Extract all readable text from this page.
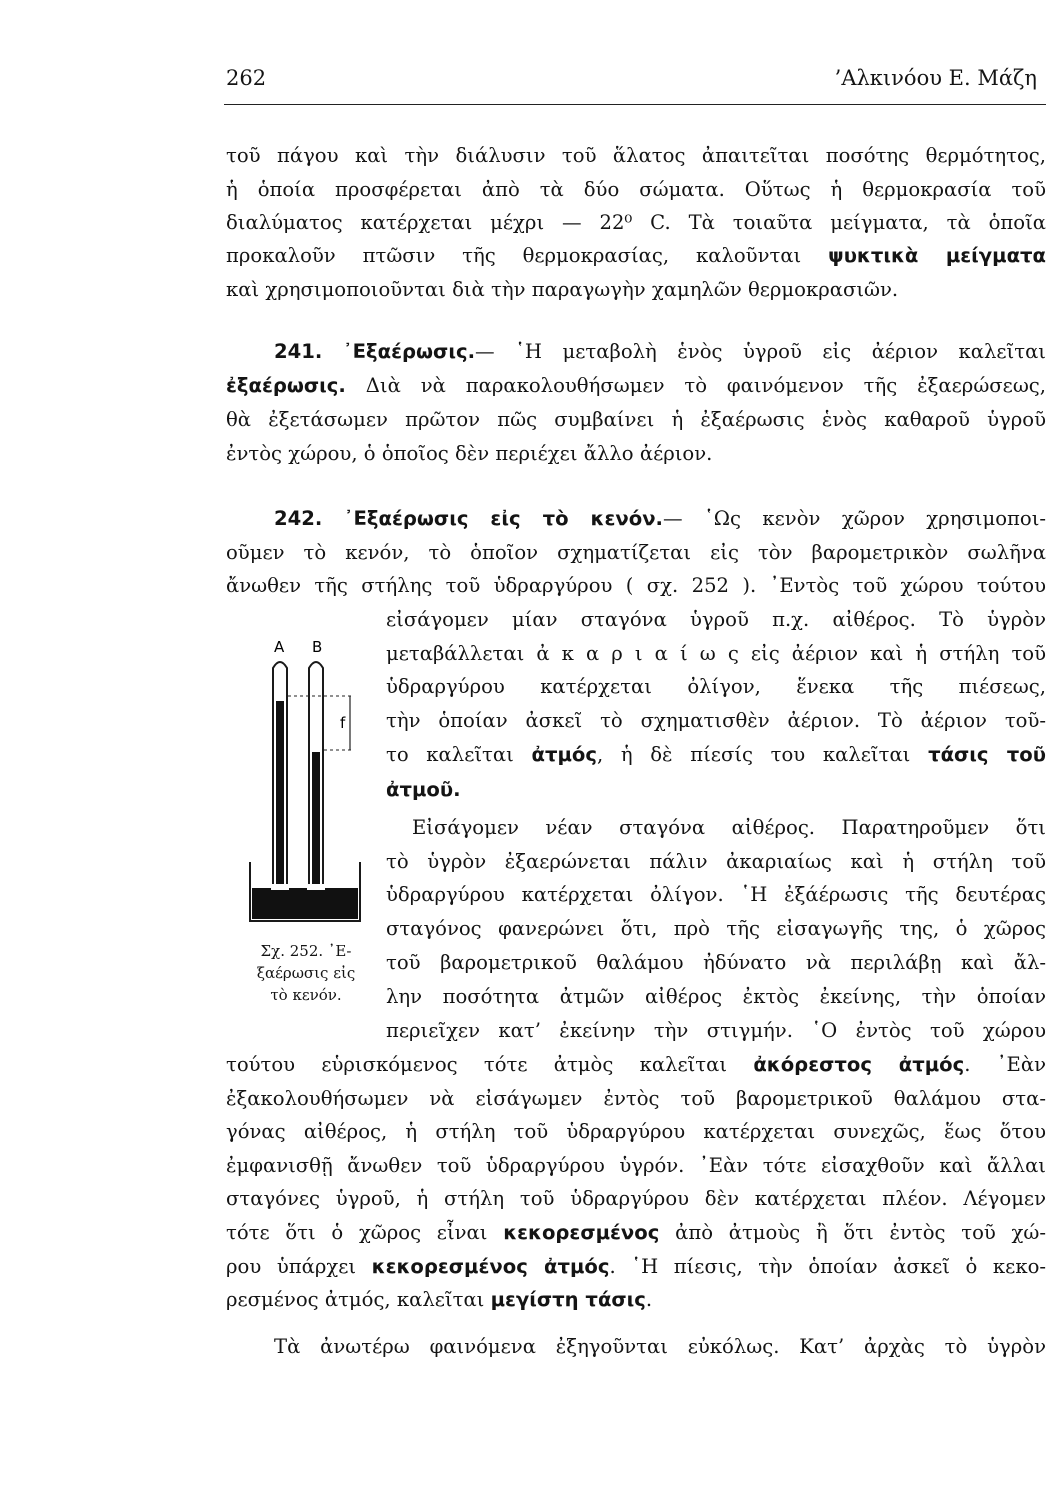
262	’Αλκινόου Ε. Μάζη
τοῦ πάγου καὶ τὴν διάλυσιν τοῦ ἅλατος ἀπαιτεῖται ποσότης θερμότητος,
ἡ ὁποία προσφέρεται ἀπὸ τὰ δύο σώματα. Οὕτως ἡ θερμοκρασία τοῦ
διαλύματος κατέρχεται μέχρι — 22⁰ C. Τὰ τοιαῦτα μείγματα, τὰ ὁποῖα
προκαλοῦν πτῶσιν τῆς θερμοκρασίας, καλοῦνται ψυκτικὰ μείγματα
καὶ χρησιμοποιοῦνται διὰ τὴν παραγωγὴν χαμηλῶν θερμοκρασιῶν.
241. ᾿Εξαέρωσις.— ῾Η μεταβολὴ ἑνὸς ὑγροῦ εἰς ἀέριον καλεῖται
ἐξαέρωσις. Διὰ νὰ παρακολουθήσωμεν τὸ φαινόμενον τῆς ἐξαερώσεως,
θὰ ἐξετάσωμεν πρῶτον πῶς συμβαίνει ἡ ἐξαέρωσις ἑνὸς καθαροῦ ὑγροῦ
ἐντὸς χώρου, ὁ ὁποῖος δὲν περιέχει ἄλλο ἀέριον.
242. ᾿Εξαέρωσις εἰς τὸ κενόν.— ῾Ως κενὸν χῶρον χρησιμοποι-
οῦμεν τὸ κενόν, τὸ ὁποῖον σχηματίζεται εἰς τὸν βαρομετρικὸν σωλῆνα
ἄνωθεν τῆς στήλης τοῦ ὑδραργύρου ( σχ. 252 ). ᾿Εντὸς τοῦ χώρου τούτου
εἰσάγομεν μίαν σταγόνα ὑγροῦ π.χ. αἰθέρος. Τὸ ὑγρὸν
μεταβάλλεται ἀ κ α ρ ι α ί ω ς εἰς ἀέριον καὶ ἡ στήλη τοῦ
ὑδραργύρου κατέρχεται ὀλίγον, ἕνεκα τῆς πιέσεως,
τὴν ὁποίαν ἀσκεῖ τὸ σχηματισθὲν ἀέριον. Τὸ ἀέριον τοῦ-
το καλεῖται ἀτμός, ἡ δὲ πίεσίς του καλεῖται τάσις τοῦ
ἀτμοῦ.
Εἰσάγομεν νέαν σταγόνα αἰθέρος. Παρατηροῦμεν ὅτι
τὸ ὑγρὸν ἐξαερώνεται πάλιν ἀκαριαίως καὶ ἡ στήλη τοῦ
ὑδραργύρου κατέρχεται ὀλίγον. ῾Η ἐξάέρωσις τῆς δευτέρας
σταγόνος φανερώνει ὅτι, πρὸ τῆς εἰσαγωγῆς της, ὁ χῶρος
τοῦ βαρομετρικοῦ θαλάμου ἠδύνατο νὰ περιλάβῃ καὶ ἄλ-
λην ποσότητα ἀτμῶν αἰθέρος ἐκτὸς ἐκείνης, τὴν ὁποίαν
περιεῖχεν κατ’ ἐκείνην τὴν στιγμήν. ῾Ο ἐντὸς τοῦ χώρου
τούτου εὑρισκόμενος τότε ἀτμὸς καλεῖται ἀκόρεστος ἀτμός. ᾿Εὰν
ἐξακολουθήσωμεν νὰ εἰσάγωμεν ἐντὸς τοῦ βαρομετρικοῦ θαλάμου στα-
γόνας αἰθέρος, ἡ στήλη τοῦ ὑδραργύρου κατέρχεται συνεχῶς, ἕως ὅτου
ἐμφανισθῇ ἄνωθεν τοῦ ὑδραργύρου ὑγρόν. ᾿Εὰν τότε εἰσαχθοῦν καὶ ἄλλαι
σταγόνες ὑγροῦ, ἡ στήλη τοῦ ὑδραργύρου δὲν κατέρχεται πλέον. Λέγομεν
τότε ὅτι ὁ χῶρος εἶναι κεκορεσμένος ἀπὸ ἀτμοὺς ἢ ὅτι ἐντὸς τοῦ χώ-
ρου ὑπάρχει κεκορεσμένος ἀτμός. ῾Η πίεσις, τὴν ὁποίαν ἀσκεῖ ὁ κεκο-
ρεσμένος ἀτμός, καλεῖται μεγίστη τάσις.
Τὰ ἀνωτέρω φαινόμενα ἐξηγοῦνται εὐκόλως. Κατ’ ἀρχὰς τὸ ὑγρὸν
A B
f
Σχ. 252. ᾿Ε-
ξαέρωσις εἰς
τὸ κενόν.
